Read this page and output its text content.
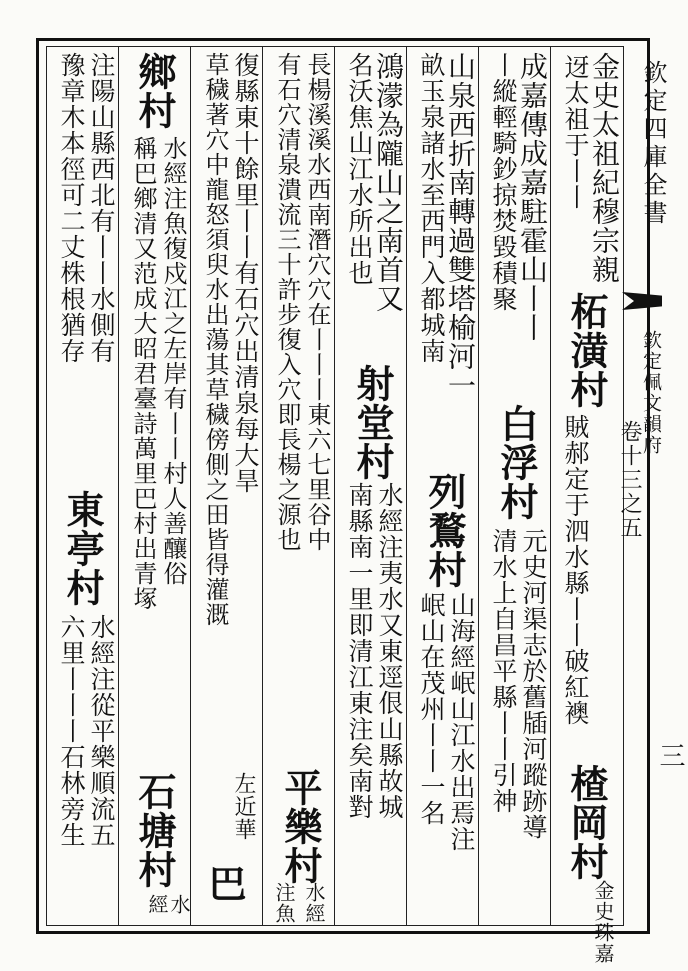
欽定四庫全書
欽定佩文韻府
卷十三之五
三
金史太祖紀穆宗親
迓太祖于丨丨
柘潢村
賊郝定于泗水縣丨丨破紅襖
楂岡村
金史珠嘉
成嘉傳成嘉駐霍山丨丨
丨縱輕騎鈔掠焚毀積聚
白浮村
元史河渠志於舊牐河蹤跡導
清水上自昌平縣丨丨引神
山泉西折南轉過雙塔榆河一
畝玉泉諸水至西門入都城南
列鶩村
山海經岷山江水出焉注
岷山在茂州丨丨一名
鴻濛為隴山之南首又
名沃焦山江水所出也
射堂村
水經注夷水又東逕佷山縣故城
南縣南一里即清江東注矣南對
長楊溪溪水西南潛穴穴在丨丨丨東六七里谷中
有石穴清泉潰流三十許步復入穴即長楊之源也
平樂村
水經
注魚
復縣東十餘里丨丨有石穴出清泉每大旱
草穢著穴中龍怒須臾水出蕩其草穢傍側之田皆得灌溉
左近華
巴
鄉村
水經注魚復戍江之左岸有丨丨村人善釀俗
稱巴鄉清又范成大昭君臺詩萬里巴村出青塚
石塘村
水
經
注陽山縣西北有丨丨水側有
豫章木本徑可二丈株根猶存
東亭村
水經注從平樂順流五
六里丨丨丨石林旁生
